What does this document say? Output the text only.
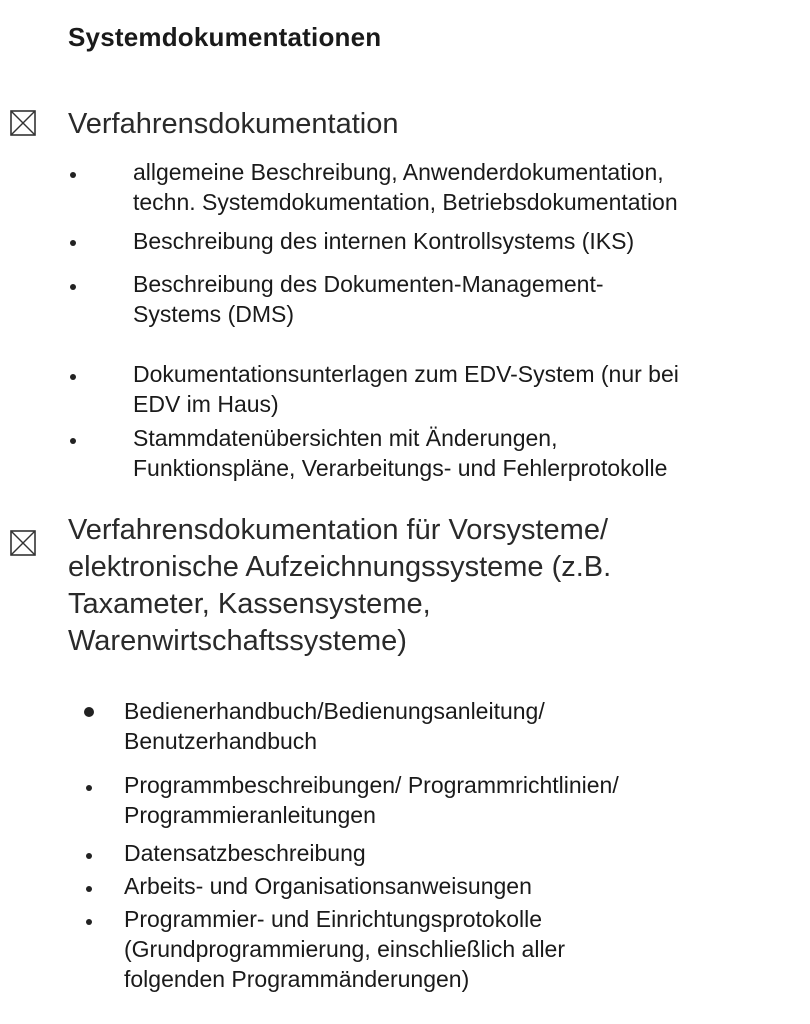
Systemdokumentationen
Verfahrensdokumentation
allgemeine Beschreibung, Anwenderdokumentation,
techn. Systemdokumentation, Betriebsdokumentation
Beschreibung des internen Kontrollsystems (IKS)
Beschreibung des Dokumenten-Management-
Systems (DMS)
Dokumentationsunterlagen zum EDV-System (nur bei
EDV im Haus)
Stammdatenübersichten mit Änderungen,
Funktionspläne, Verarbeitungs- und Fehlerprotokolle
Verfahrensdokumentation für Vorsysteme/
elektronische Aufzeichnungssysteme (z.B.
Taxameter, Kassensysteme,
Warenwirtschaftssysteme)
Bedienerhandbuch/Bedienungsanleitung/
Benutzerhandbuch
Programmbeschreibungen/ Programmrichtlinien/
Programmieranleitungen
Datensatzbeschreibung
Arbeits- und Organisationsanweisungen
Programmier- und Einrichtungsprotokolle
(Grundprogrammierung, einschließlich aller
folgenden Programmänderungen)
